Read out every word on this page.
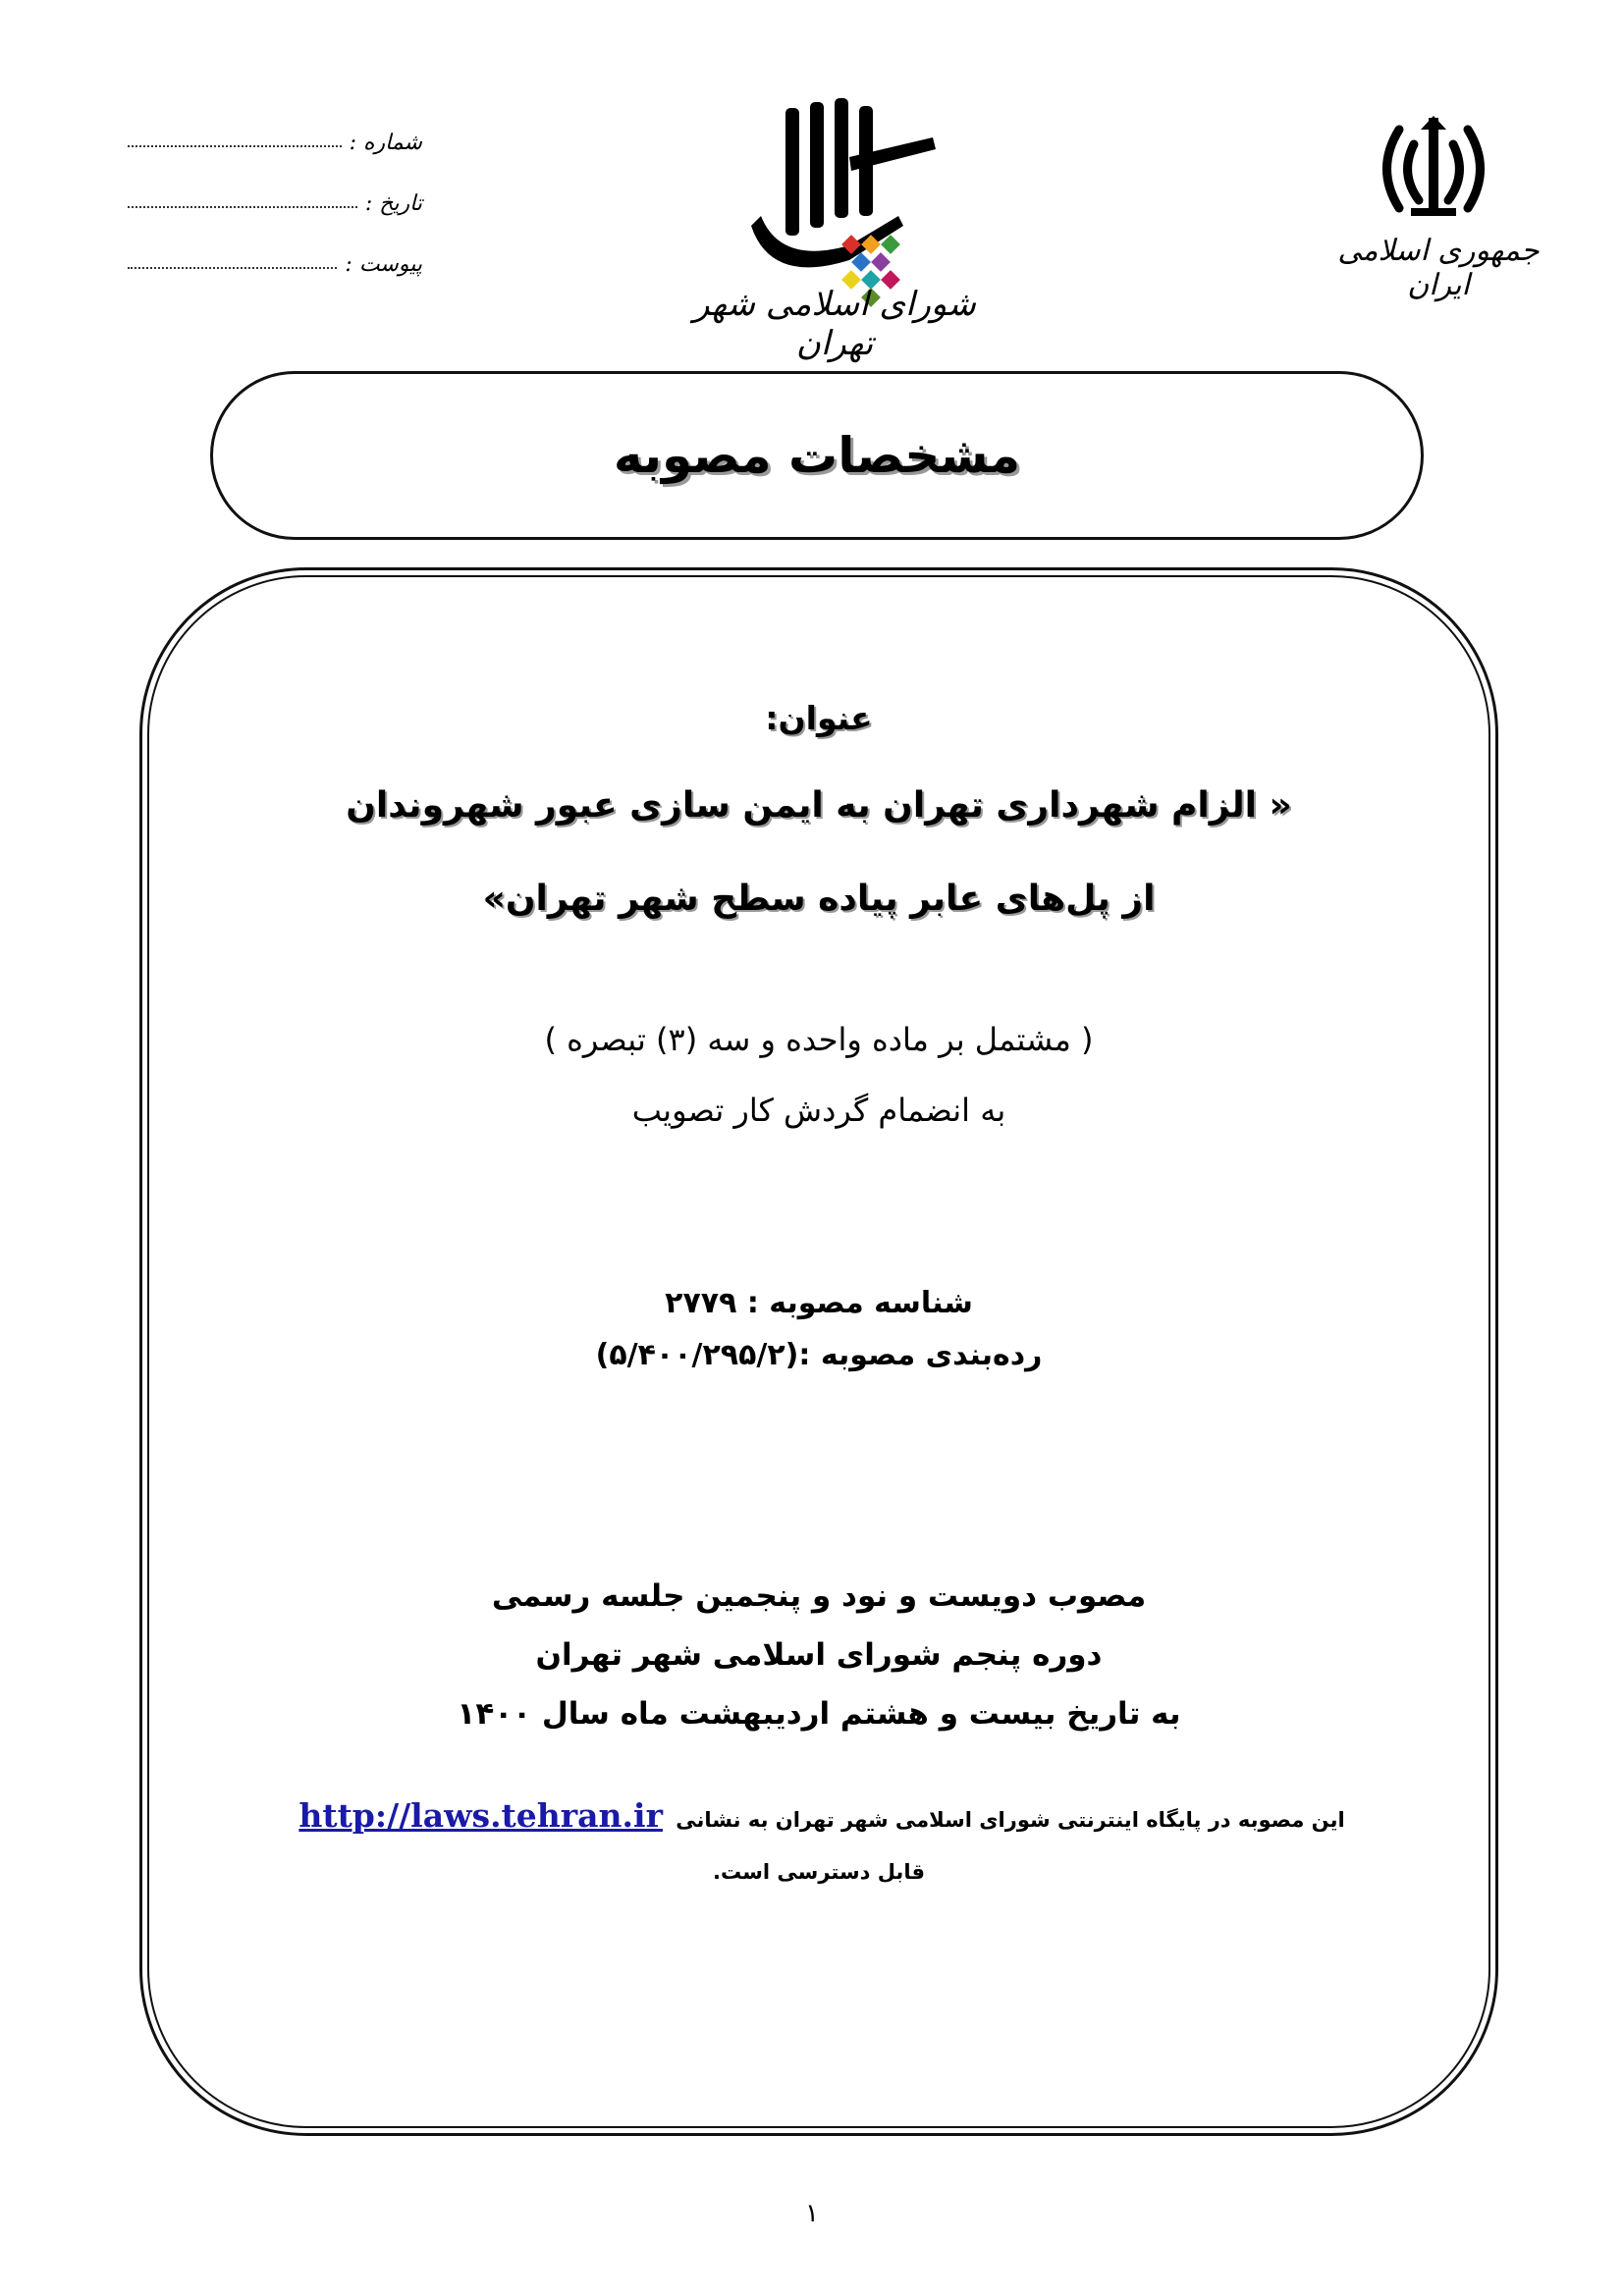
شماره :
تاریخ :
پیوست :
شورای اسلامی شهر تهران
جمهوری اسلامی ایران
مشخصات مصوبه
عنوان:
« الزام شهرداری تهران به ایمن سازی عبور شهروندان
از پل‌های عابر پیاده سطح شهر تهران»
( مشتمل بر ماده واحده و سه (۳) تبصره )
به انضمام گردش کار تصویب
شناسه مصوبه : ۲۷۷۹
رده‌بندی مصوبه :(۵/۴۰۰/۲۹۵/۲)
مصوب دویست و نود و پنجمین جلسه رسمی
دوره پنجم شورای اسلامی شهر تهران
به تاریخ بیست و هشتم اردیبهشت ماه سال ۱۴۰۰
این مصوبه در پایگاه اینترنتی شورای اسلامی شهر تهران به نشانی http://laws.tehran.ir
قابل دسترسی است.
۱
